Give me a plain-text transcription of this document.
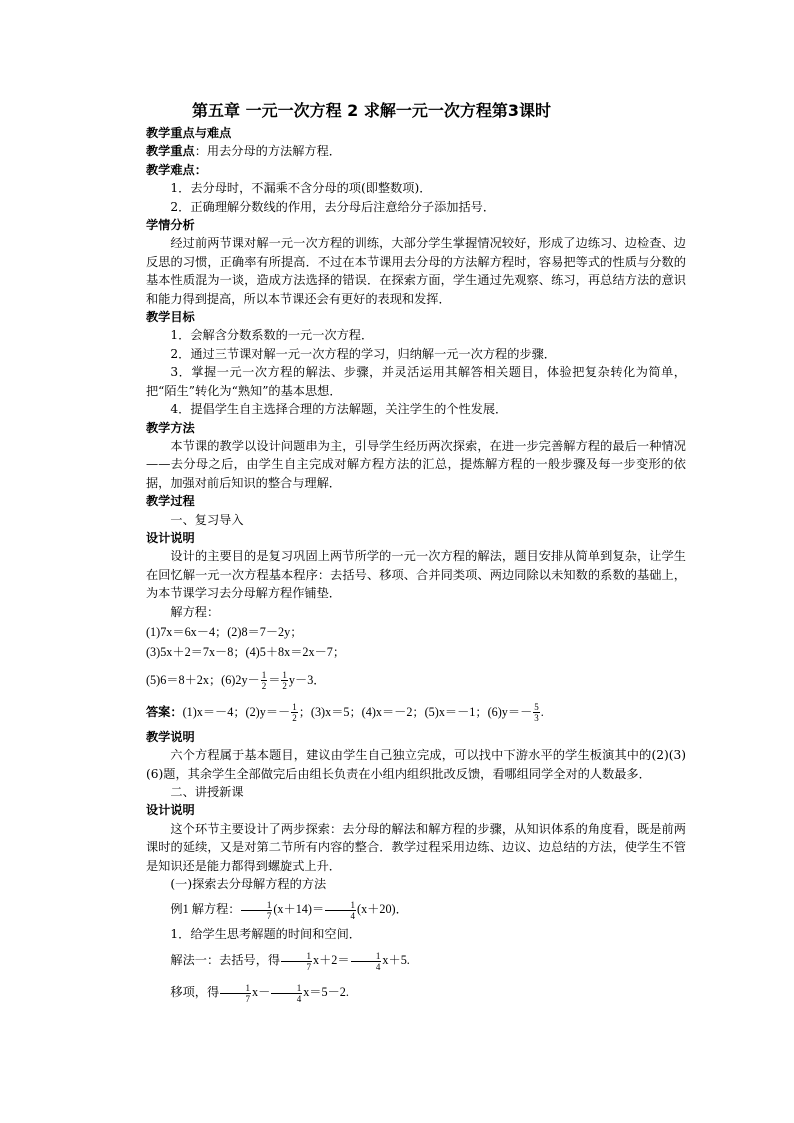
第五章 一元一次方程 2 求解一元一次方程第3课时

教学重点与难点

教学重点：用去分母的方法解方程．

教学难点：

1．去分母时，不漏乘不含分母的项(即整数项)．

2．正确理解分数线的作用，去分母后注意给分子添加括号．

学情分析

经过前两节课对解一元一次方程的训练，大部分学生掌握情况较好，形成了边练习、边检查、边反思的习惯，正确率有所提高．不过在本节课用去分母的方法解方程时，容易把等式的性质与分数的基本性质混为一谈，造成方法选择的错误．在探索方面，学生通过先观察、练习，再总结方法的意识和能力得到提高，所以本节课还会有更好的表现和发挥．

教学目标

1．会解含分数系数的一元一次方程．

2．通过三节课对解一元一次方程的学习，归纳解一元一次方程的步骤．

3．掌握一元一次方程的解法、步骤，并灵活运用其解答相关题目，体验把复杂转化为简单，把“陌生”转化为“熟知”的基本思想．

4．提倡学生自主选择合理的方法解题，关注学生的个性发展．

教学方法

本节课的教学以设计问题串为主，引导学生经历两次探索，在进一步完善解方程的最后一种情况——去分母之后，由学生自主完成对解方程方法的汇总，提炼解方程的一般步骤及每一步变形的依据，加强对前后知识的整合与理解．

教学过程

一、复习导入

设计说明

设计的主要目的是复习巩固上两节所学的一元一次方程的解法，题目安排从简单到复杂，让学生在回忆解一元一次方程基本程序：去括号、移项、合并同类项、两边同除以未知数的系数的基础上，为本节课学习去分母解方程作铺垫．

解方程：

(1)7x＝6x－4；(2)8＝7－2y；

(3)5x＋2＝7x－8；(4)5＋8x＝2x－7；

(5)6＝8＋2x；$(6)2y- \frac{1}{2} = \frac{1}{2} y-3$．

答案：(1)x＝－4；$(2)y=- \frac{1}{2}$ ；(3)x＝5；(4)x＝－2；(5)x＝－1；$(6)y=- \frac{5}{3}$ .

教学说明

六个方程属于基本题目，建议由学生自己独立完成，可以找中下游水平的学生板演其中的(2)(3)(6)题，其余学生全部做完后由组长负责在小组内组织批改反馈，看哪组同学全对的人数最多．

二、讲授新课

设计说明

这个环节主要设计了两步探索：去分母的解法和解方程的步骤，从知识体系的角度看，既是前两课时的延续，又是对第二节所有内容的整合．教学过程采用边练、边议、边总结的方法，使学生不管是知识还是能力都得到螺旋式上升．

(一)探索去分母解方程的方法

例1 解方程： $\frac{1}{7} (x+14)= \frac{1}{4} (x+20)$．

1．给学生思考解题的时间和空间．

解法一：去括号，得 $\frac{1}{7} x+2= \frac{1}{4} x+5$.

移项，得 $\frac{1}{7} x- \frac{1}{4} x=5-2$.
